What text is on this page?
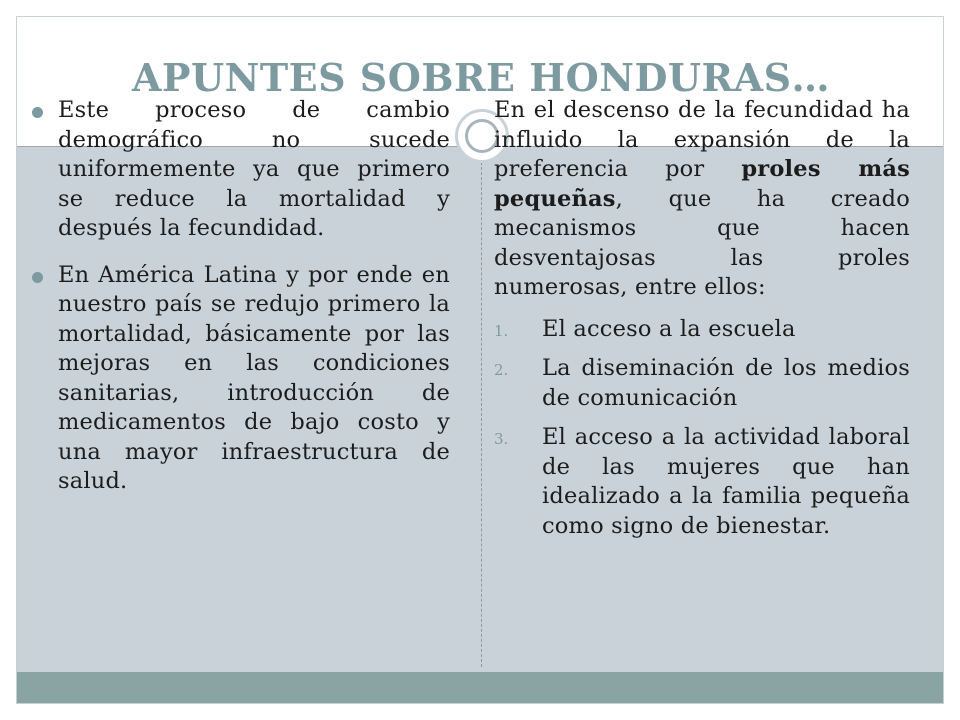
APUNTES SOBRE HONDURAS…

Este proceso de cambio demográfico no sucede uniformemente ya que primero se reduce la mortalidad y después la fecundidad.

En América Latina y por ende en nuestro país se redujo primero la mortalidad, básicamente por las mejoras en las condiciones sanitarias, introducción de medicamentos de bajo costo y una mayor infraestructura de salud.

En el descenso de la fecundidad ha influido la expansión de la preferencia por proles más pequeñas, que ha creado mecanismos que hacen desventajosas las proles numerosas, entre ellos:

1. El acceso a la escuela

2. La diseminación de los medios de comunicación

3. El acceso a la actividad laboral de las mujeres que han idealizado a la familia pequeña como signo de bienestar.
